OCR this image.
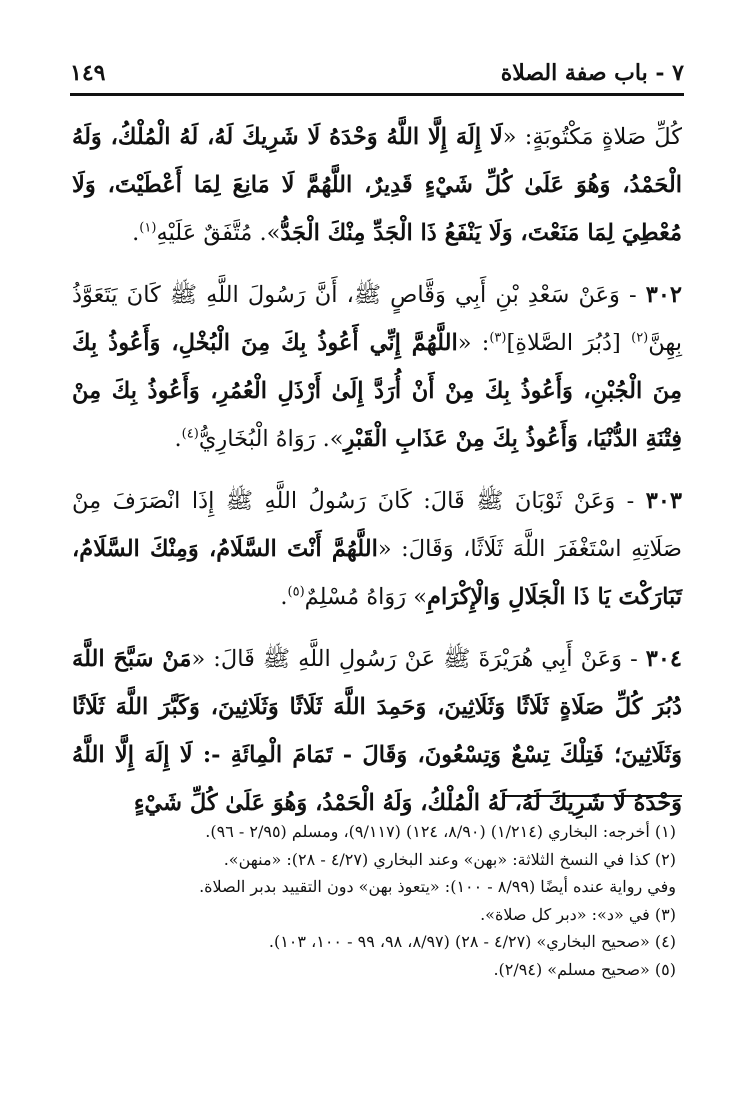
٧ - باب صفة الصلاة
١٤٩

كُلِّ صَلاةٍ مَكْتُوبَةٍ: «لَا إِلَهَ إِلَّا اللَّهُ وَحْدَهُ لَا شَرِيكَ لَهُ، لَهُ الْمُلْكُ، وَلَهُ الْحَمْدُ، وَهُوَ عَلَىٰ كُلِّ شَيْءٍ قَدِيرٌ، اللَّهُمَّ لَا مَانِعَ لِمَا أَعْطَيْتَ، وَلَا مُعْطِيَ لِمَا مَنَعْتَ، وَلَا يَنْفَعُ ذَا الْجَدِّ مِنْكَ الْجَدُّ». مُتَّفَقٌ عَلَيْهِ$^{(١)}$.

٣٠٢ - وَعَنْ سَعْدِ بْنِ أَبِي وَقَّاصٍ ﷺ، أَنَّ رَسُولَ اللَّهِ ﷺ كَانَ يَتَعَوَّذُ بِهِنَّ$^{(٢)}$ [دُبُرَ الصَّلاةِ]$^{(٣)}$: «اللَّهُمَّ إِنِّي أَعُوذُ بِكَ مِنَ الْبُخْلِ، وَأَعُوذُ بِكَ مِنَ الْجُبْنِ، وَأَعُوذُ بِكَ مِنْ أَنْ أُرَدَّ إِلَىٰ أَرْذَلِ الْعُمُرِ، وَأَعُوذُ بِكَ مِنْ فِتْنَةِ الدُّنْيَا، وَأَعُوذُ بِكَ مِنْ عَذَابِ الْقَبْرِ». رَوَاهُ الْبُخَارِيُّ$^{(٤)}$.

٣٠٣ - وَعَنْ ثَوْبَانَ ﷺ قَالَ: كَانَ رَسُولُ اللَّهِ ﷺ إِذَا انْصَرَفَ مِنْ صَلَاتِهِ اسْتَغْفَرَ اللَّهَ ثَلَاثًا، وَقَالَ: «اللَّهُمَّ أَنْتَ السَّلَامُ، وَمِنْكَ السَّلَامُ، تَبَارَكْتَ يَا ذَا الْجَلَالِ وَالْإِكْرَامِ» رَوَاهُ مُسْلِمٌ$^{(٥)}$.

٣٠٤ - وَعَنْ أَبِي هُرَيْرَةَ ﷺ عَنْ رَسُولِ اللَّهِ ﷺ قَالَ: «مَنْ سَبَّحَ اللَّهَ دُبُرَ كُلِّ صَلَاةٍ ثَلَاثًا وَثَلَاثِينَ، وَحَمِدَ اللَّهَ ثَلَاثًا وَثَلَاثِينَ، وَكَبَّرَ اللَّهَ ثَلَاثًا وَثَلَاثِينَ؛ فَتِلْكَ تِسْعٌ وَتِسْعُونَ، وَقَالَ - تَمَامَ الْمِائَةِ -: لَا إِلَهَ إِلَّا اللَّهُ وَحْدَهُ لَا شَرِيكَ لَهُ، لَهُ الْمُلْكُ، وَلَهُ الْحَمْدُ، وَهُوَ عَلَىٰ كُلِّ شَيْءٍ

(١) أخرجه: البخاري (١/٢١٤) (٨/٩٠، ١٢٤) (٩/١١٧)، ومسلم (٢/٩٥ - ٩٦).

(٢) كذا في النسخ الثلاثة: «بهن» وعند البخاري (٤/٢٧ - ٢٨): «منهن».

وفي رواية عنده أيضًا (٨/٩٩ - ١٠٠): «يتعوذ بهن» دون التقييد بدبر الصلاة.

(٣) في «د»: «دبر كل صلاة».

(٤) «صحيح البخاري» (٤/٢٧ - ٢٨) (٨/٩٧، ٩٨، ٩٩ - ١٠٠، ١٠٣).

(٥) «صحيح مسلم» (٢/٩٤).
